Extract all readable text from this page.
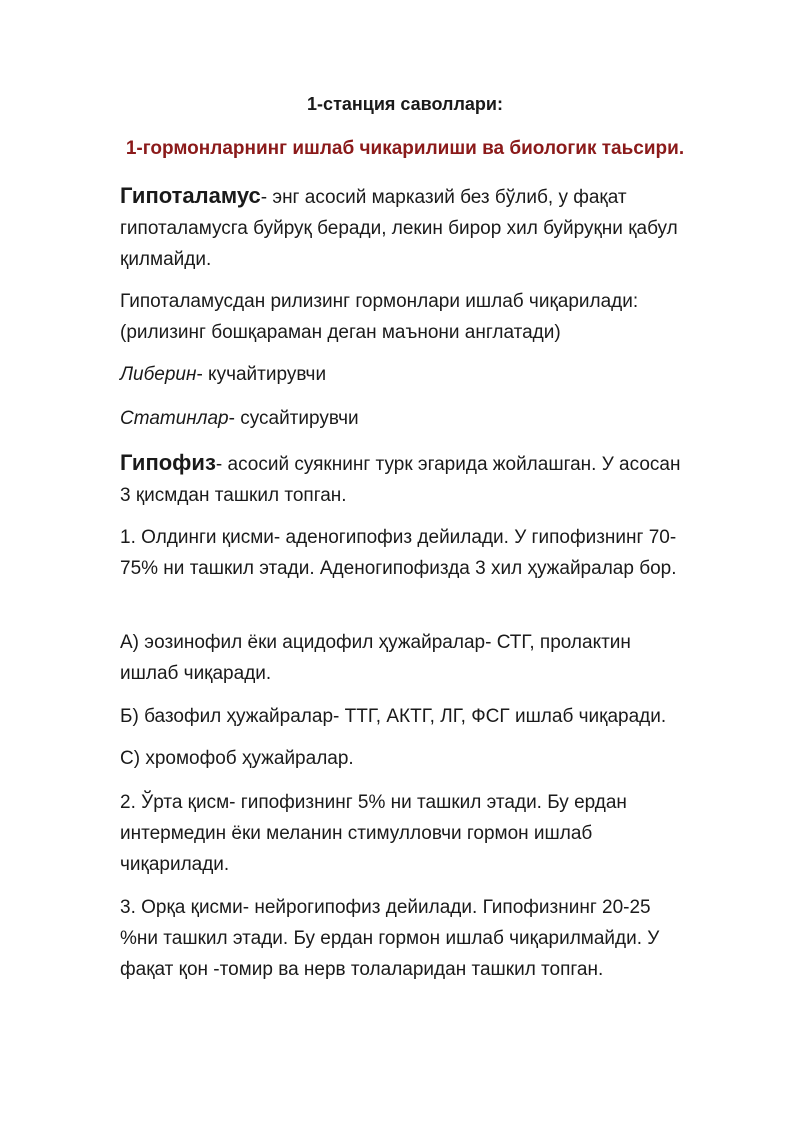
1-станция саволлари:
1-гормонларнинг ишлаб чикарилиши ва биологик таьсири.

Гипоталамус- энг асосий марказий без бўлиб, у фақат гипоталамусга буйруқ беради, лекин бирор хил буйруқни қабул қилмайди.

Гипоталамусдан рилизинг гормонлари ишлаб чиқарилади: (рилизинг бошқараман деган маънони англатади)

Либерин- кучайтирувчи

Статинлар- сусайтирувчи

Гипофиз- асосий суякнинг турк эгарида жойлашган. У асосан 3 қисмдан ташкил топган.

1. Олдинги қисми- аденогипофиз дейилади. У гипофизнинг 70-75% ни ташкил этади. Аденогипофизда 3 хил ҳужайралар бор.

А) эозинофил ёки ацидофил ҳужайралар- СТГ, пролактин ишлаб чиқаради.

Б) базофил ҳужайралар- ТТГ, АКТГ, ЛГ, ФСГ ишлаб чиқаради.

С) хромофоб ҳужайралар.

2. Ўрта қисм- гипофизнинг 5% ни ташкил этади. Бу ердан интермедин ёки меланин стимулловчи гормон ишлаб чиқарилади.

3. Орқа қисми- нейрогипофиз дейилади. Гипофизнинг 20-25 %ни ташкил этади. Бу ердан гормон ишлаб чиқарилмайди. У фақат қон -томир ва нерв толаларидан ташкил топган.
